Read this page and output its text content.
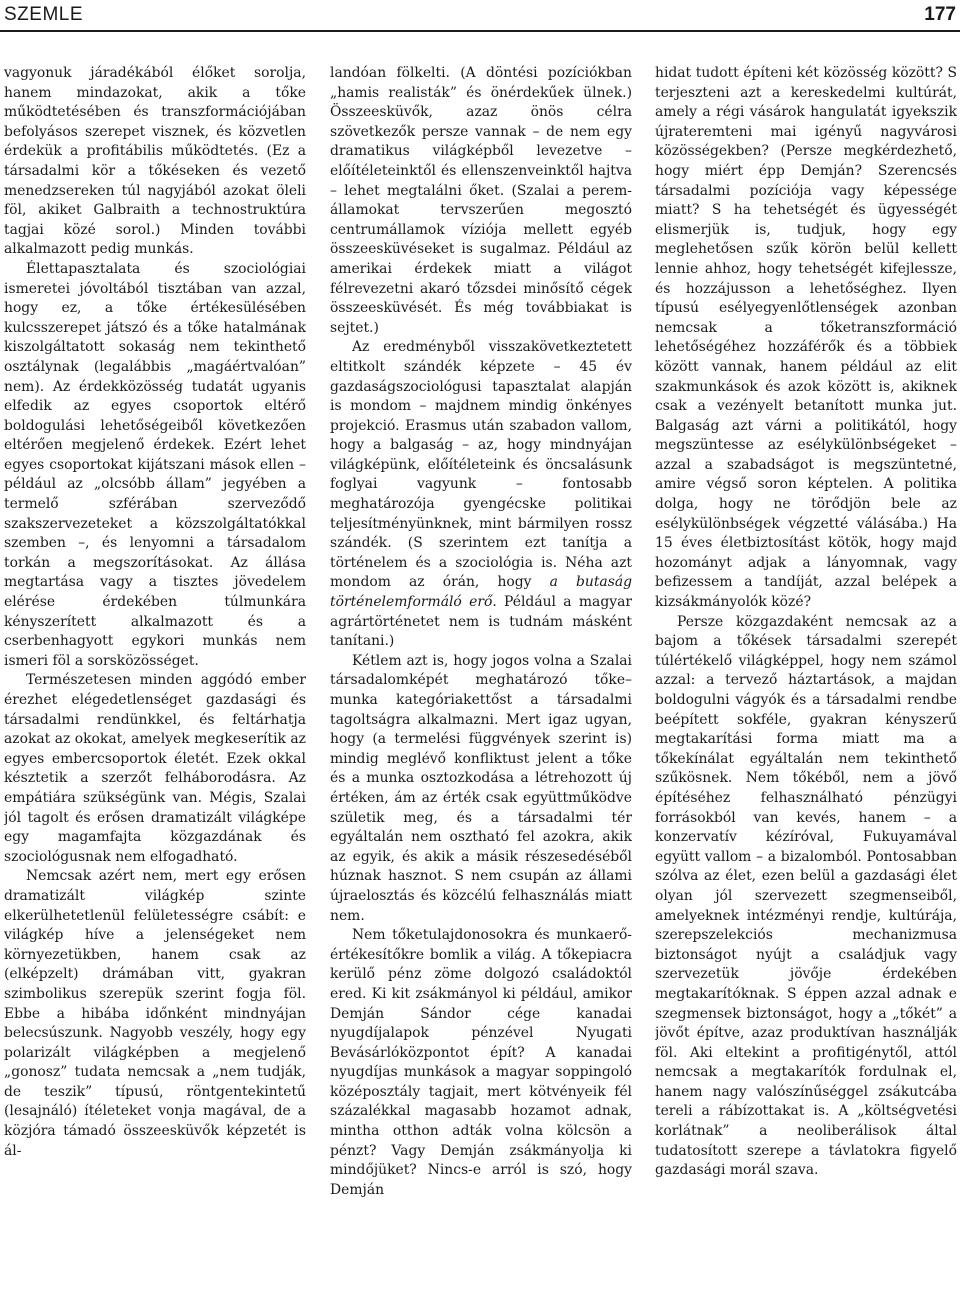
SZEMLE	177

vagyonuk járadékából élőket sorolja, hanem mindazokat, akik a tőke működtetésében és transzformációjában befolyásos szerepet visznek, és közvetlen érdekük a profitábilis működtetés. (Ez a társadalmi kör a tőkéseken és vezető menedzsereken túl nagyjából azokat öleli föl, akiket Galbraith a technostruktúra tagjai közé sorol.) Minden további alkalmazott pedig munkás.

Élettapasztalata és szociológiai ismeretei jóvoltából tisztában van azzal, hogy ez, a tőke értékesülésében kulcsszerepet játszó és a tőke hatalmának kiszolgáltatott sokaság nem tekinthető osztálynak (legalábbis „magáértvalóan” nem). Az érdekközösség tudatát ugyanis elfedik az egyes csoportok eltérő boldogulási lehetőségeiből következően eltérően megjelenő érdekek. Ezért lehet egyes csoportokat kijátszani mások ellen – például az „olcsóbb állam” jegyében a termelő szférában szerveződő szakszervezeteket a közszolgáltatókkal szemben –, és lenyomni a társadalom torkán a megszorításokat. Az állása megtartása vagy a tisztes jövedelem elérése érdekében túlmunkára kényszerített alkalmazott és a cserbenhagyott egykori munkás nem ismeri föl a sorsközösséget.

Természetesen minden aggódó ember érezhet elégedetlenséget gazdasági és társadalmi rendünkkel, és feltárhatja azokat az okokat, amelyek megkeserítik az egyes embercsoportok életét. Ezek okkal késztetik a szerzőt felháborodásra. Az empátiára szükségünk van. Mégis, Szalai jól tagolt és erősen dramatizált világképe egy magamfajta közgazdának és szociológusnak nem elfogadható.

Nemcsak azért nem, mert egy erősen dramatizált világkép szinte elkerülhetetlenül felületességre csábít: e világkép híve a jelenségeket nem környezetükben, hanem csak az (elképzelt) drámában vitt, gyakran szimbolikus szerepük szerint fogja föl. Ebbe a hibába időnként mindnyájan belecsúszunk. Nagyobb veszély, hogy egy polarizált világképben a megjelenő „gonosz” tudata nemcsak a „nem tudják, de teszik” típusú, röntgentekintetű (lesajnáló) ítéleteket vonja magával, de a közjóra támadó összeesküvők képzetét is ál-

landóan fölkelti. (A döntési pozíciókban „hamis realisták” és önérdekűek ülnek.) Összeesküvők, azaz önös célra szövetkezők persze vannak – de nem egy dramatikus világképből levezetve – előítéleteinktől és ellenszenveinktől hajtva – lehet megtalálni őket. (Szalai a peremállamokat tervszerűen megosztó centrumállamok víziója mellett egyéb összeesküvéseket is sugalmaz. Például az amerikai érdekek miatt a világot félrevezetni akaró tőzsdei minősítő cégek összeesküvését. És még továbbiakat is sejtet.)

Az eredményből visszakövetkeztetett eltitkolt szándék képzete – 45 év gazdaságszociológusi tapasztalat alapján is mondom – majdnem mindig önkényes projekció. Erasmus után szabadon vallom, hogy a balgaság – az, hogy mindnyájan világképünk, előítéleteink és öncsalásunk foglyai vagyunk – fontosabb meghatározója gyengécske politikai teljesítményünknek, mint bármilyen rossz szándék. (S szerintem ezt tanítja a történelem és a szociológia is. Néha azt mondom az órán, hogy a butaság történelemformáló erő. Például a magyar agrártörténetet nem is tudnám másként tanítani.)

Kétlem azt is, hogy jogos volna a Szalai társadalomképét meghatározó tőke–munka kategóriakettőst a társadalmi tagoltságra alkalmazni. Mert igaz ugyan, hogy (a termelési függvények szerint is) mindig meglévő konfliktust jelent a tőke és a munka osztozkodása a létrehozott új értéken, ám az érték csak együttműködve születik meg, és a társadalmi tér egyáltalán nem osztható fel azokra, akik az egyik, és akik a másik részesedéséből húznak hasznot. S nem csupán az állami újraelosztás és közcélú felhasználás miatt nem.

Nem tőketulajdonosokra és munkaerő-értékesítőkre bomlik a világ. A tőkepiacra kerülő pénz zöme dolgozó családoktól ered. Ki kit zsákmányol ki például, amikor Demján Sándor cége kanadai nyugdíjalapok pénzével Nyugati Bevásárlóközpontot épít? A kanadai nyugdíjas munkások a magyar soppingoló középosztály tagjait, mert kötvényeik fél százalékkal magasabb hozamot adnak, mintha otthon adták volna kölcsön a pénzt? Vagy Demján zsákmányolja ki mindőjüket? Nincs-e arról is szó, hogy Demján

hidat tudott építeni két közösség között? S terjeszteni azt a kereskedelmi kultúrát, amely a régi vásárok hangulatát igyekszik újrateremteni mai igényű nagyvárosi közösségekben? (Persze megkérdezhető, hogy miért épp Demján? Szerencsés társadalmi pozíciója vagy képessége miatt? S ha tehetségét és ügyességét elismerjük is, tudjuk, hogy egy meglehetősen szűk körön belül kellett lennie ahhoz, hogy tehetségét kifejlessze, és hozzájusson a lehetőséghez. Ilyen típusú esélyegyenlőtlenségek azonban nemcsak a tőketranszformáció lehetőségéhez hozzáférők és a többiek között vannak, hanem például az elit szakmunkások és azok között is, akiknek csak a vezényelt betanított munka jut. Balgaság azt várni a politikától, hogy megszüntesse az esélykülönbségeket – azzal a szabadságot is megszüntetné, amire végső soron képtelen. A politika dolga, hogy ne törődjön bele az esélykülönbségek végzetté válásába.) Ha 15 éves életbiztosítást kötök, hogy majd hozományt adjak a lányomnak, vagy befizessem a tandíját, azzal belépek a kizsákmányolók közé?

Persze közgazdaként nemcsak az a bajom a tőkések társadalmi szerepét túlértékelő világképpel, hogy nem számol azzal: a tervező háztartások, a majdan boldogulni vágyók és a társadalmi rendbe beépített sokféle, gyakran kényszerű megtakarítási forma miatt ma a tőkekínálat egyáltalán nem tekinthető szűkösnek. Nem tőkéből, nem a jövő építéséhez felhasználható pénzügyi forrásokból van kevés, hanem – a konzervatív kézíróval, Fukuyamával együtt vallom – a bizalomból. Pontosabban szólva az élet, ezen belül a gazdasági élet olyan jól szervezett szegmenseiből, amelyeknek intézményi rendje, kultúrája, szerepszelekciós mechanizmusa biztonságot nyújt a családjuk vagy szervezetük jövője érdekében megtakarítóknak. S éppen azzal adnak e szegmensek biztonságot, hogy a „tőkét” a jövőt építve, azaz produktívan használják föl. Aki eltekint a profitigénytől, attól nemcsak a megtakarítók fordulnak el, hanem nagy valószínűséggel zsákutcába tereli a rábízottakat is. A „költségvetési korlátnak” a neoliberálisok által tudatosított szerepe a távlatokra figyelő gazdasági morál szava.
